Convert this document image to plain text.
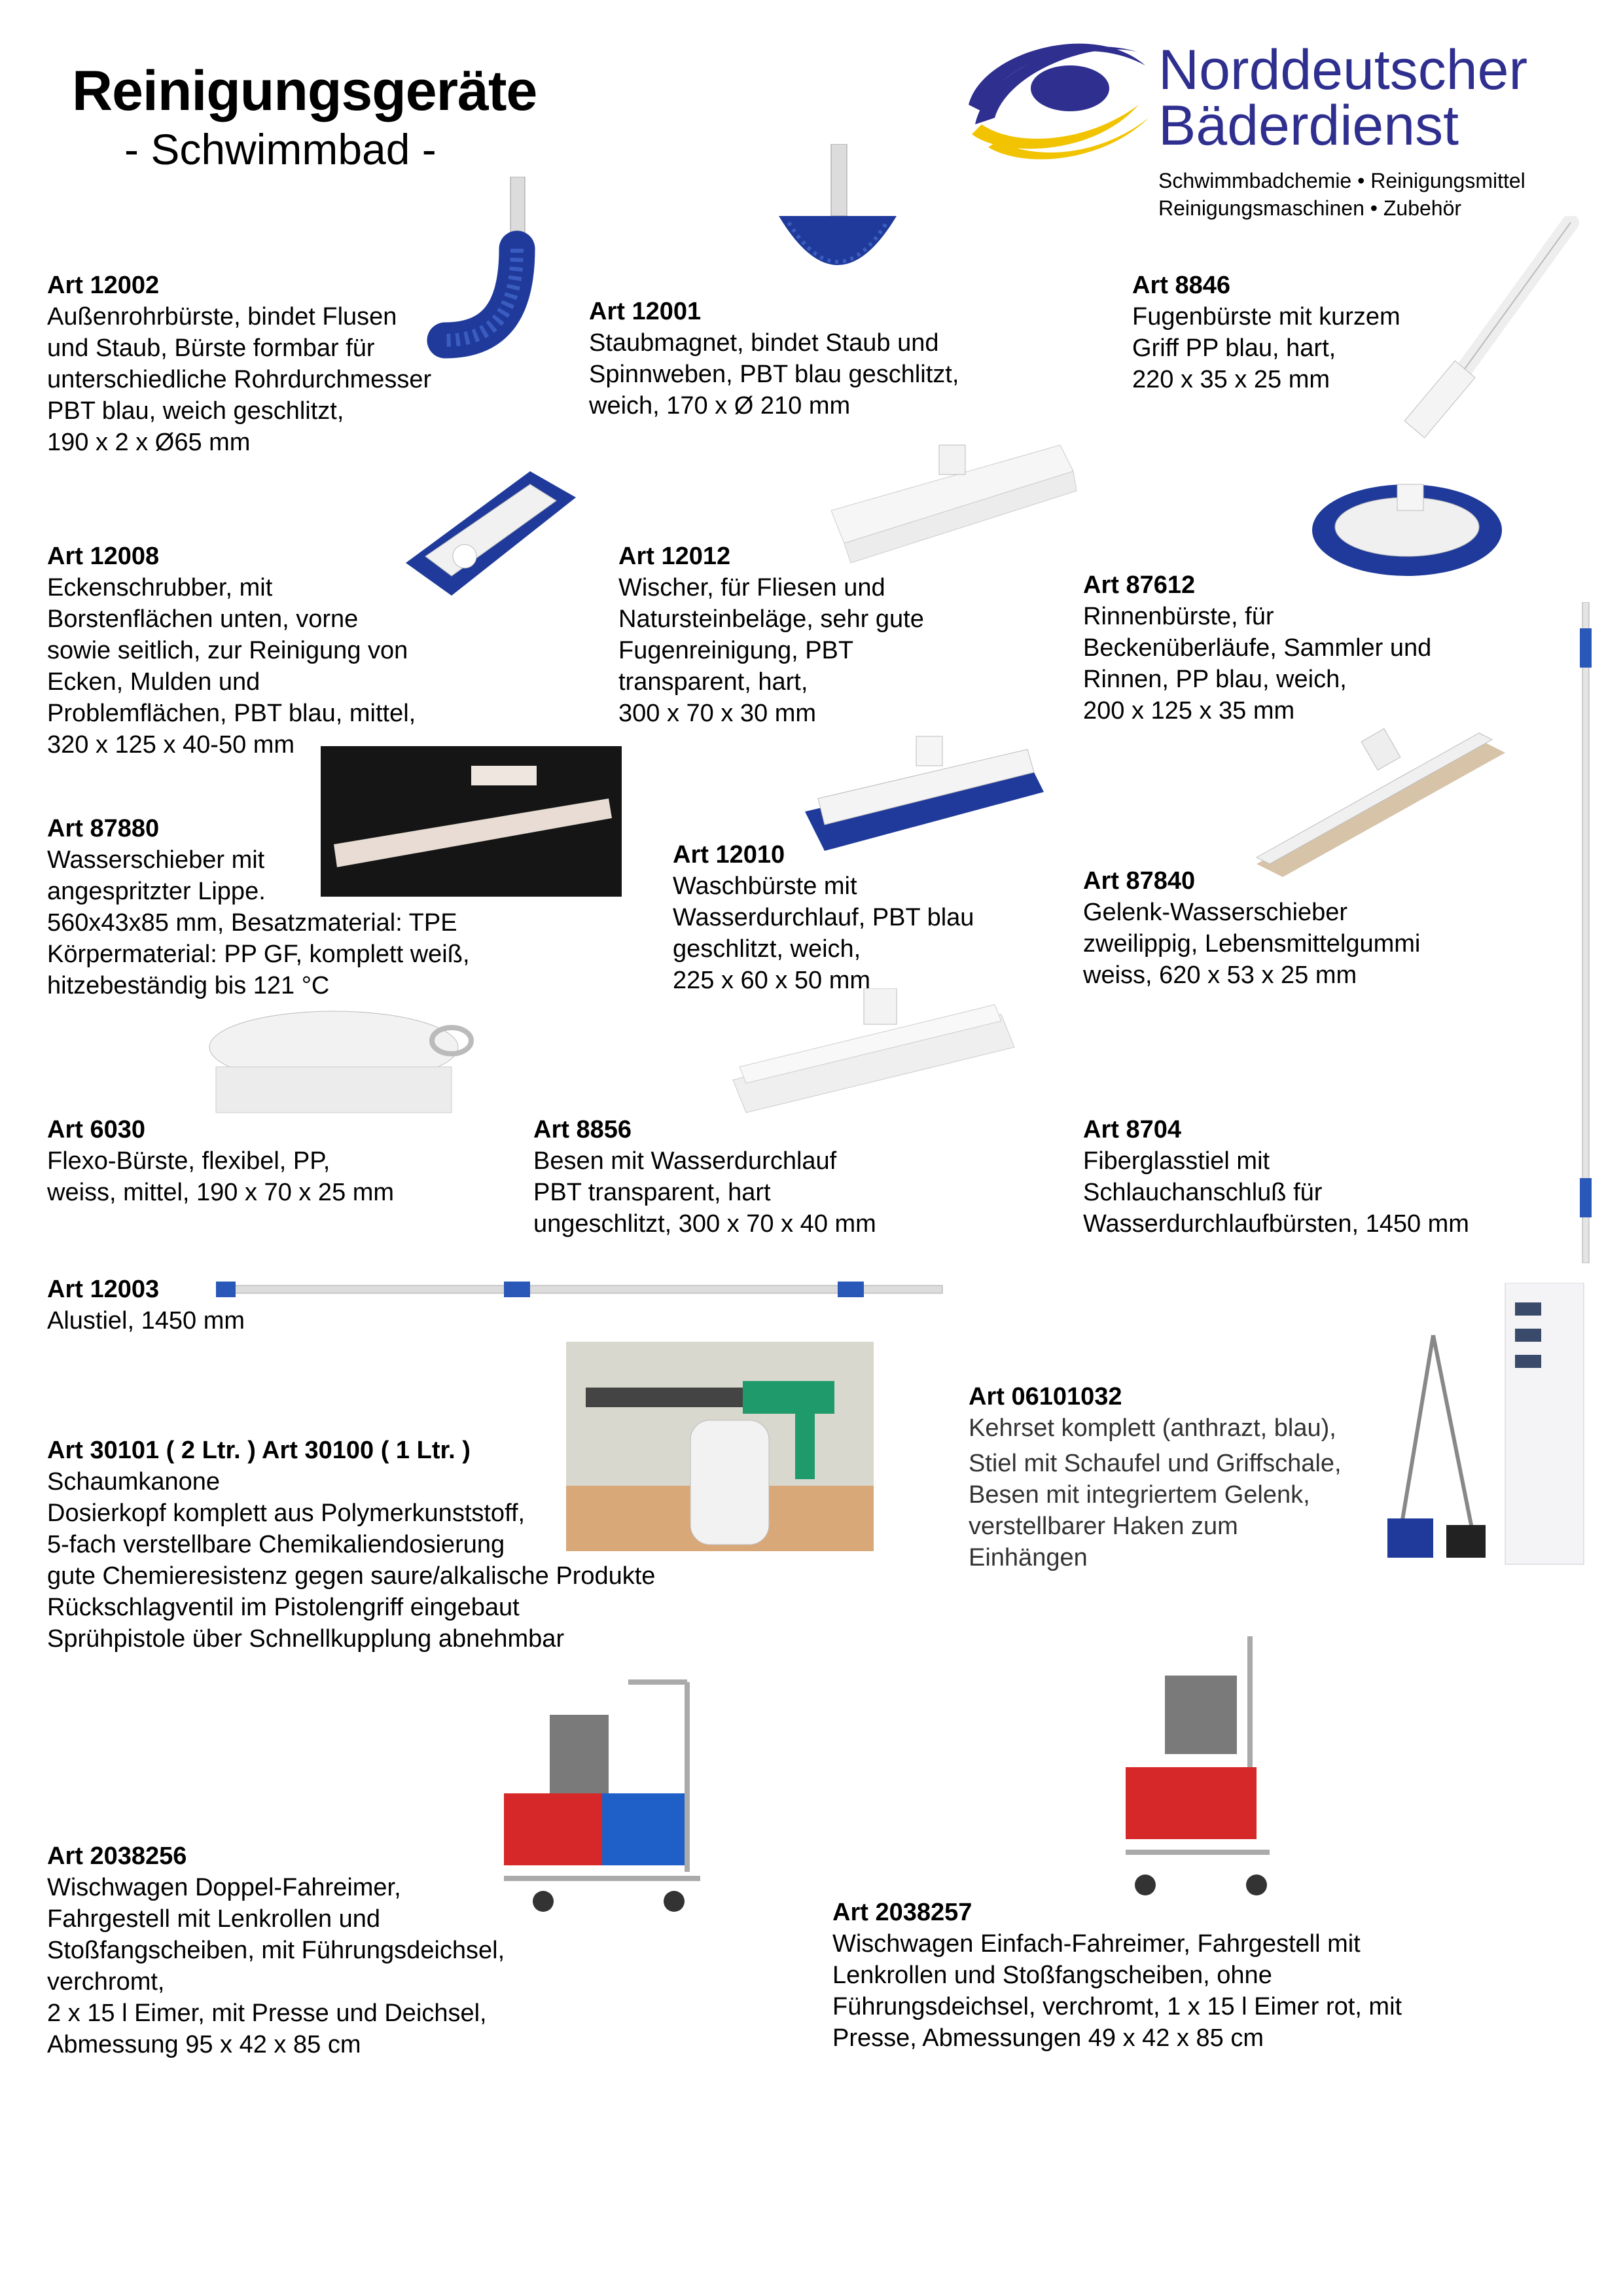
Reinigungsgeräte
- Schwimmbad -
Norddeutscher
Bäderdienst
Schwimmbadchemie • Reinigungsmittel
Reinigungsmaschinen • Zubehör
Art 12002
Außenrohrbürste, bindet Flusen
und Staub, Bürste formbar für
unterschiedliche Rohrdurchmesser
PBT blau, weich geschlitzt,
190 x 2 x Ø65 mm
Art 12001
Staubmagnet, bindet Staub und
Spinnweben, PBT blau geschlitzt,
weich, 170 x Ø 210 mm
Art 8846
Fugenbürste mit kurzem
Griff PP blau, hart,
220 x 35 x 25 mm
Art 12008
Eckenschrubber, mit
Borstenflächen unten, vorne
sowie seitlich, zur Reinigung von
Ecken, Mulden und
Problemflächen, PBT blau, mittel,
320 x 125 x 40-50 mm
Art 12012
Wischer, für Fliesen und
Natursteinbeläge, sehr gute
Fugenreinigung, PBT
transparent, hart,
300 x 70 x 30 mm
Art 87612
Rinnenbürste, für
Beckenüberläufe, Sammler und
Rinnen, PP blau, weich,
200 x 125 x 35 mm
Art 87880
Wasserschieber mit
angespritzter Lippe.
560x43x85 mm, Besatzmaterial: TPE
Körpermaterial: PP GF, komplett weiß,
hitzebeständig bis 121 °C
Art 12010
Waschbürste mit
Wasserdurchlauf, PBT blau
geschlitzt, weich,
225 x 60 x 50 mm
Art 87840
Gelenk-Wasserschieber
zweilippig, Lebensmittelgummi
weiss, 620 x 53 x 25 mm
Art 6030
Flexo-Bürste, flexibel, PP,
weiss, mittel, 190 x 70 x 25 mm
Art 8856
Besen mit Wasserdurchlauf
PBT transparent, hart
ungeschlitzt, 300 x 70 x 40 mm
Art 8704
Fiberglasstiel mit
Schlauchanschluß für
Wasserdurchlaufbürsten, 1450 mm
Art 12003
Alustiel, 1450 mm
Art 06101032
Kehrset komplett (anthrazt, blau),
Stiel mit Schaufel und Griffschale,
Besen mit integriertem Gelenk,
verstellbarer Haken zum
Einhängen
Art 30101 ( 2 Ltr. ) Art 30100 ( 1 Ltr. )
Schaumkanone
Dosierkopf komplett aus Polymerkunststoff,
5-fach verstellbare Chemikaliendosierung
gute Chemieresistenz gegen saure/alkalische Produkte
Rückschlagventil im Pistolengriff eingebaut
Sprühpistole über Schnellkupplung abnehmbar
Art 2038256
Wischwagen Doppel-Fahreimer,
Fahrgestell mit Lenkrollen und
Stoßfangscheiben, mit Führungsdeichsel,
verchromt,
2 x 15 l Eimer, mit Presse und Deichsel,
Abmessung 95 x 42 x 85 cm
Art 2038257
Wischwagen Einfach-Fahreimer, Fahrgestell mit
Lenkrollen und Stoßfangscheiben, ohne
Führungsdeichsel, verchromt, 1 x 15 l Eimer rot, mit
Presse, Abmessungen 49 x 42 x 85 cm
